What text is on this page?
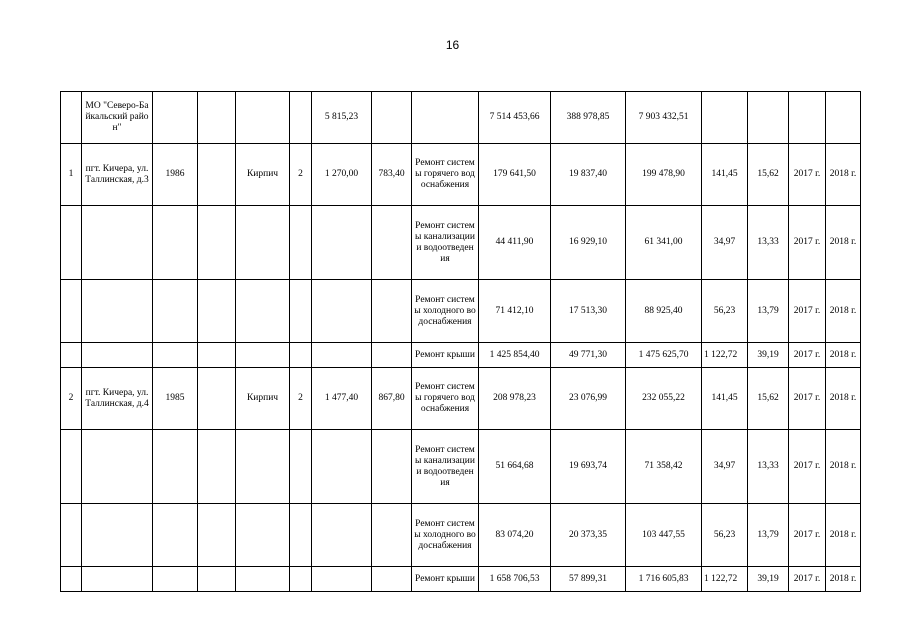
16
	МО "Северо-Байкальский район"					5 815,23			7 514 453,66	388 978,85	7 903 432,51				
1	пгт. Кичера, ул. Таллинская, д.3	1986		Кирпич	2	1 270,00	783,40	Ремонт системы горячего водоснабжения	179 641,50	19 837,40	199 478,90	141,45	15,62	2017 г.	2018 г.
								Ремонт системы канализации и водоотведения	44 411,90	16 929,10	61 341,00	34,97	13,33	2017 г.	2018 г.
								Ремонт системы холодного водоснабжения	71 412,10	17 513,30	88 925,40	56,23	13,79	2017 г.	2018 г.
								Ремонт крыши	1 425 854,40	49 771,30	1 475 625,70	1 122,72	39,19	2017 г.	2018 г.
2	пгт. Кичера, ул. Таллинская, д.4	1985		Кирпич	2	1 477,40	867,80	Ремонт системы горячего водоснабжения	208 978,23	23 076,99	232 055,22	141,45	15,62	2017 г.	2018 г.
								Ремонт системы канализации и водоотведения	51 664,68	19 693,74	71 358,42	34,97	13,33	2017 г.	2018 г.
								Ремонт системы холодного водоснабжения	83 074,20	20 373,35	103 447,55	56,23	13,79	2017 г.	2018 г.
								Ремонт крыши	1 658 706,53	57 899,31	1 716 605,83	1 122,72	39,19	2017 г.	2018 г.
